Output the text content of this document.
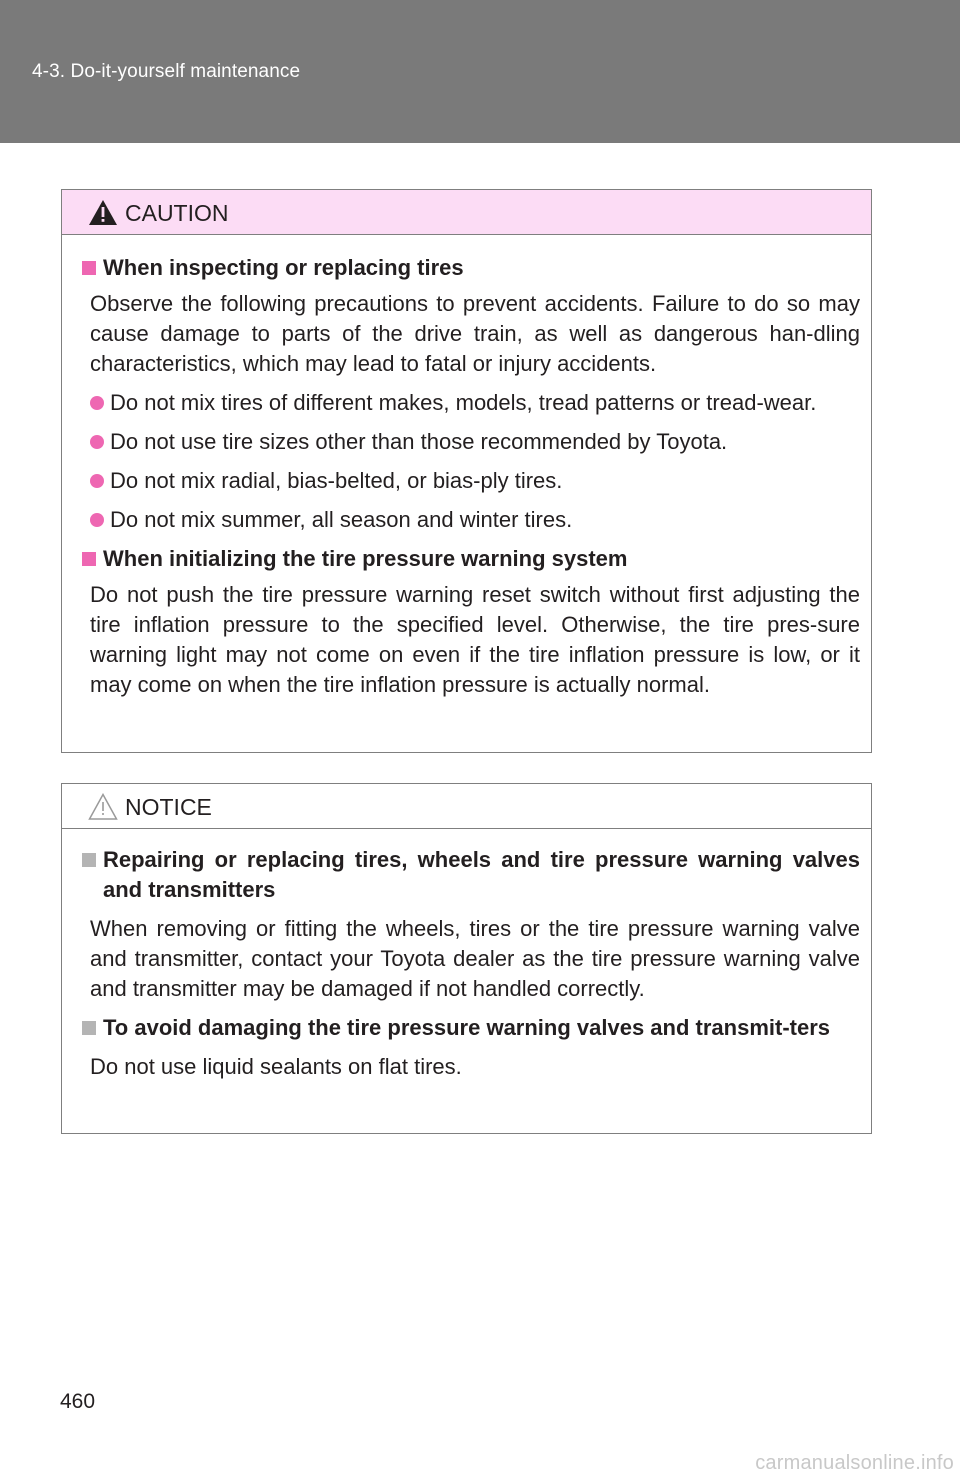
4-3. Do-it-yourself maintenance
CAUTION
When inspecting or replacing tires
Observe the following precautions to prevent accidents. Failure to do so may cause damage to parts of the drive train, as well as dangerous han-dling characteristics, which may lead to fatal or injury accidents.
Do not mix tires of different makes, models, tread patterns or tread-wear.
Do not use tire sizes other than those recommended by Toyota.
Do not mix radial, bias-belted, or bias-ply tires.
Do not mix summer, all season and winter tires.
When initializing the tire pressure warning system
Do not push the tire pressure warning reset switch without first adjusting the tire inflation pressure to the specified level. Otherwise, the tire pres-sure warning light may not come on even if the tire inflation pressure is low, or it may come on when the tire inflation pressure is actually normal.
NOTICE
Repairing or replacing tires, wheels and tire pressure warning valves and transmitters
When removing or fitting the wheels, tires or the tire pressure warning valve and transmitter, contact your Toyota dealer as the tire pressure warning valve and transmitter may be damaged if not handled correctly.
To avoid damaging the tire pressure warning valves and transmit-ters
Do not use liquid sealants on flat tires.
460
carmanualsonline.info
